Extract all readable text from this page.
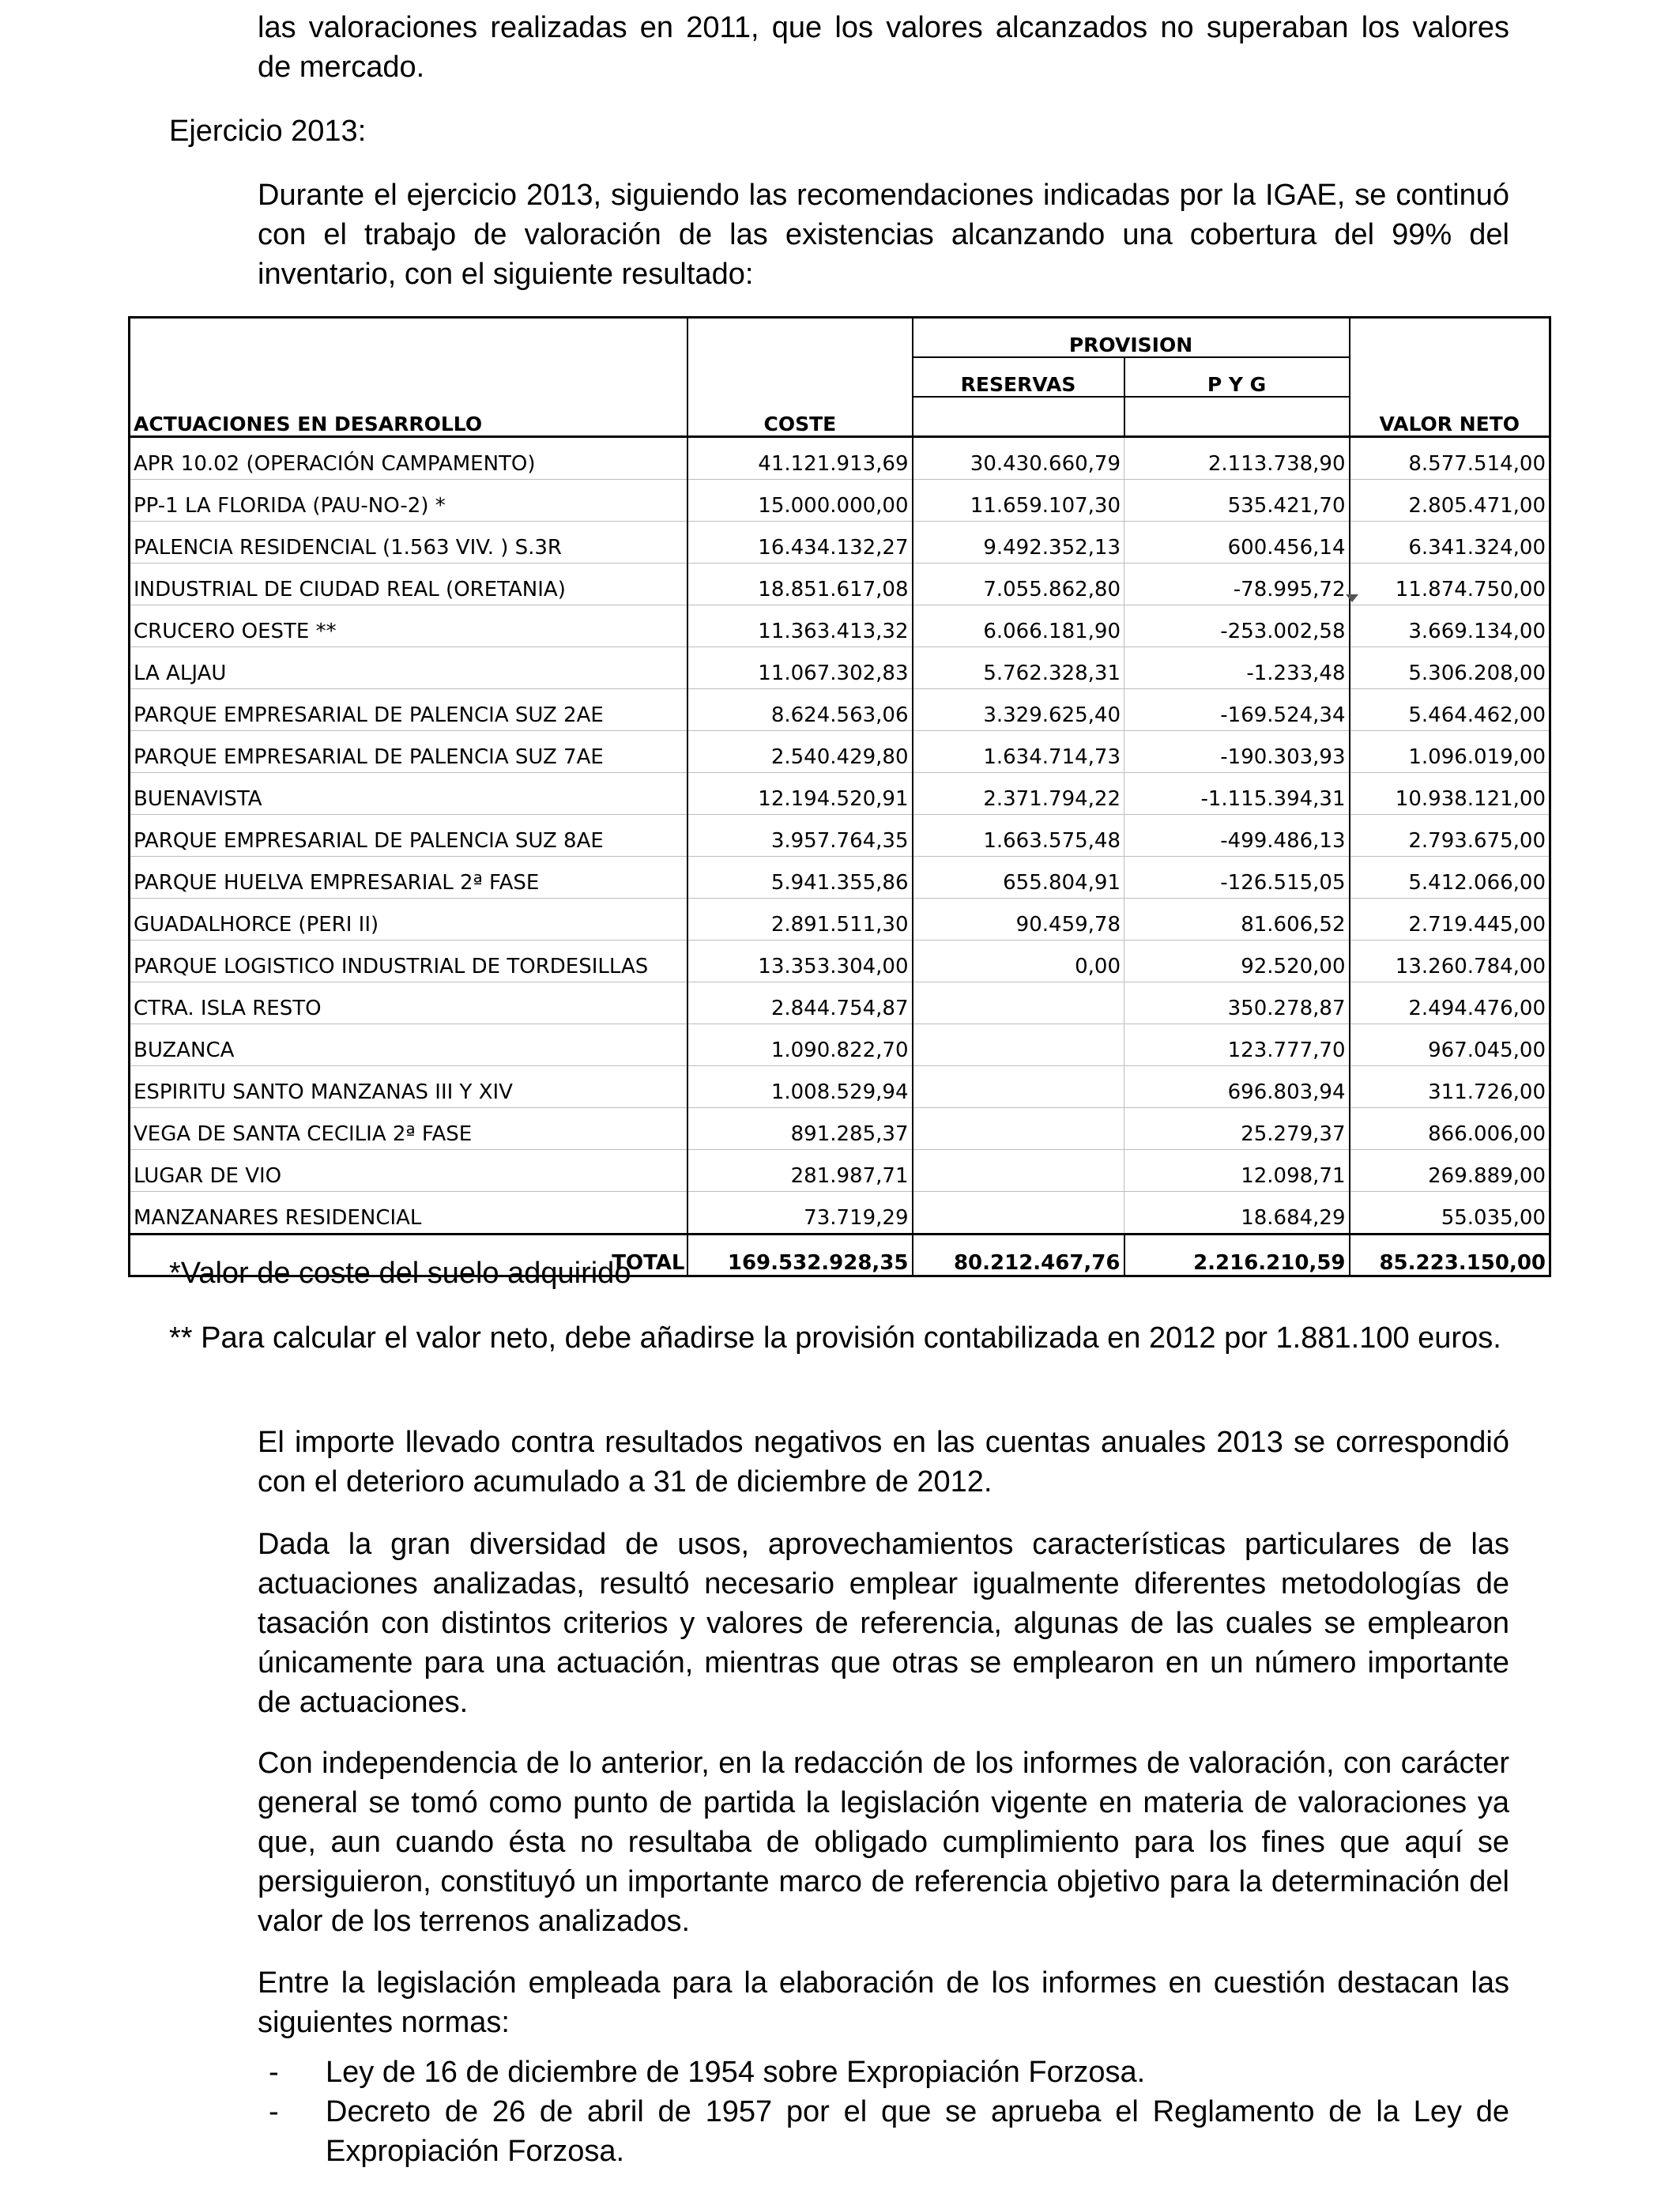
las valoraciones realizadas en 2011, que los valores alcanzados no superaban los valores

de mercado.

Ejercicio 2013:

Durante el ejercicio 2013, siguiendo las recomendaciones indicadas por la IGAE, se continuó con el trabajo de valoración de las existencias alcanzando una cobertura del 99% del inventario, con el siguiente resultado:

		PROVISION		
		RESERVAS	P Y G	
ACTUACIONES EN DESARROLLO	COSTE			VALOR NETO
APR 10.02 (OPERACIÓN CAMPAMENTO)	41.121.913,69	30.430.660,79	2.113.738,90	8.577.514,00
PP-1 LA FLORIDA (PAU-NO-2) *	15.000.000,00	11.659.107,30	535.421,70	2.805.471,00
PALENCIA RESIDENCIAL (1.563 VIV. ) S.3R	16.434.132,27	9.492.352,13	600.456,14	6.341.324,00
INDUSTRIAL DE CIUDAD REAL (ORETANIA)	18.851.617,08	7.055.862,80	-78.995,72	11.874.750,00
CRUCERO OESTE **	11.363.413,32	6.066.181,90	-253.002,58	3.669.134,00
LA ALJAU	11.067.302,83	5.762.328,31	-1.233,48	5.306.208,00
PARQUE EMPRESARIAL DE PALENCIA SUZ 2AE	8.624.563,06	3.329.625,40	-169.524,34	5.464.462,00
PARQUE EMPRESARIAL DE PALENCIA SUZ 7AE	2.540.429,80	1.634.714,73	-190.303,93	1.096.019,00
BUENAVISTA	12.194.520,91	2.371.794,22	-1.115.394,31	10.938.121,00
PARQUE EMPRESARIAL DE PALENCIA SUZ 8AE	3.957.764,35	1.663.575,48	-499.486,13	2.793.675,00
PARQUE HUELVA EMPRESARIAL 2ª FASE	5.941.355,86	655.804,91	-126.515,05	5.412.066,00
GUADALHORCE (PERI II)	2.891.511,30	90.459,78	81.606,52	2.719.445,00
PARQUE LOGISTICO INDUSTRIAL DE TORDESILLAS	13.353.304,00	0,00	92.520,00	13.260.784,00
CTRA. ISLA RESTO	2.844.754,87		350.278,87	2.494.476,00
BUZANCA	1.090.822,70		123.777,70	967.045,00
ESPIRITU SANTO MANZANAS III Y XIV	1.008.529,94		696.803,94	311.726,00
VEGA DE SANTA CECILIA 2ª FASE	891.285,37		25.279,37	866.006,00
LUGAR DE VIO	281.987,71		12.098,71	269.889,00
MANZANARES RESIDENCIAL	73.719,29		18.684,29	55.035,00
TOTAL	169.532.928,35	80.212.467,76	2.216.210,59	85.223.150,00

*Valor de coste del suelo adquirido

** Para calcular el valor neto, debe añadirse la provisión contabilizada en 2012 por 1.881.100 euros.

El importe llevado contra resultados negativos en las cuentas anuales 2013 se correspondió con el deterioro acumulado a 31 de diciembre de 2012.

Dada la gran diversidad de usos, aprovechamientos características particulares de las actuaciones analizadas, resultó necesario emplear igualmente diferentes metodologías de tasación con distintos criterios y valores de referencia, algunas de las cuales se emplearon únicamente para una actuación, mientras que otras se emplearon en un número importante de actuaciones.

Con independencia de lo anterior, en la redacción de los informes de valoración, con carácter general se tomó como punto de partida la legislación vigente en materia de valoraciones ya que, aun cuando ésta no resultaba de obligado cumplimiento para los fines que aquí se persiguieron, constituyó un importante marco de referencia objetivo para la determinación del valor de los terrenos analizados.

Entre la legislación empleada para la elaboración de los informes en cuestión destacan las siguientes normas:

- Ley de 16 de diciembre de 1954 sobre Expropiación Forzosa.
- Decreto de 26 de abril de 1957 por el que se aprueba el Reglamento de la Ley de Expropiación Forzosa.
